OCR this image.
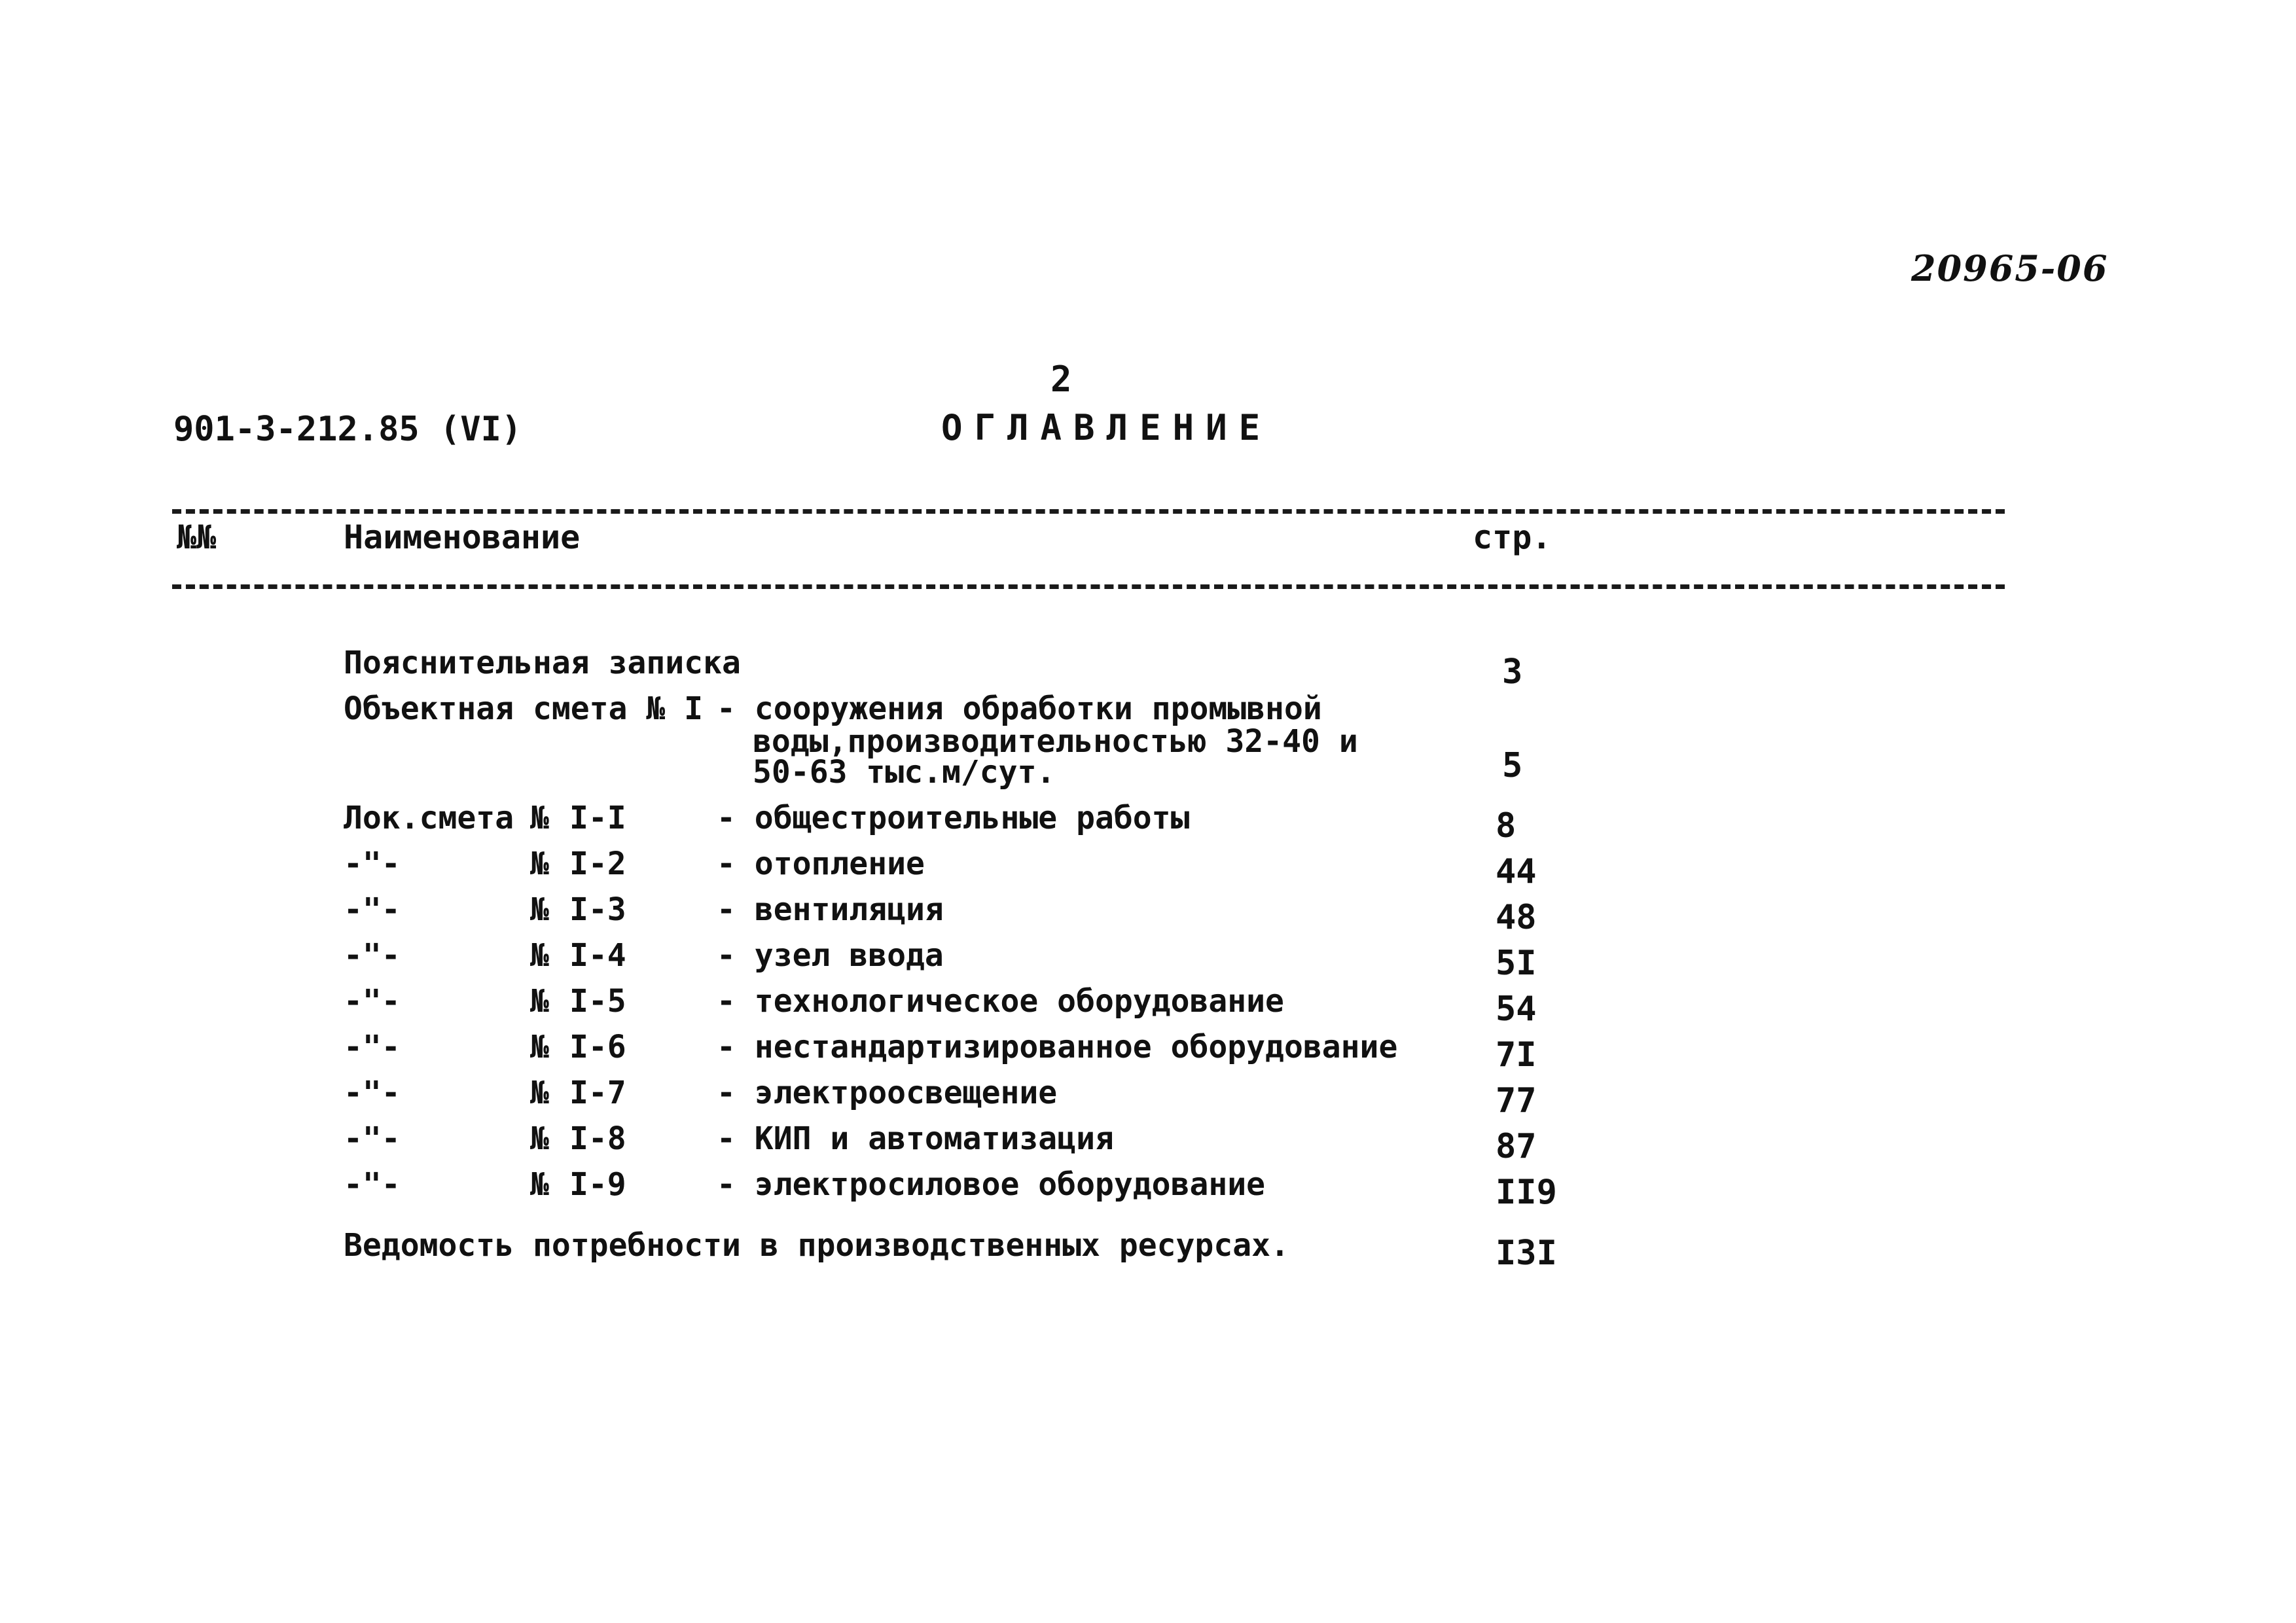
20965-06
2
901-3-212.85 (VI)	ОГЛАВЛЕНИЕ
№№	Наименование	стр.
Пояснительная записка	3
Объектная смета № I - сооружения обработки промывной
воды,производительностью 32-40 и
50-63 тыс.м/сут.	5
Лок.смета № I-I	- общестроительные работы	8
-"-	№ I-2	- отопление	44
-"-	№ I-3	- вентиляция	48
-"-	№ I-4	- узел ввода	5I
-"-	№ I-5	- технологическое оборудование	54
-"-	№ I-6	- нестандартизированное оборудование	7I
-"-	№ I-7	- электроосвещение	77
-"-	№ I-8	- КИП и автоматизация	87
-"-	№ I-9	- электросиловое оборудование	II9
Ведомость потребности в производственных ресурсах.	I3I
